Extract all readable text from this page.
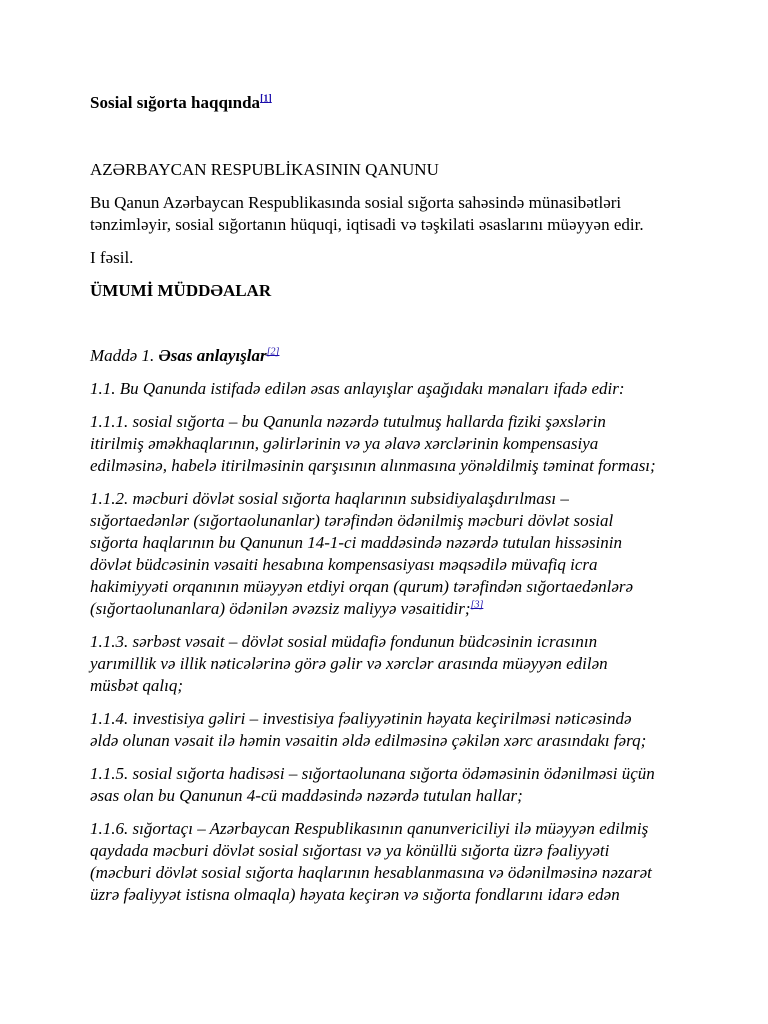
Sosial sığorta haqqında[1]
AZƏRBAYCAN RESPUBLİKASININ QANUNU
Bu Qanun Azərbaycan Respublikasında sosial sığorta sahəsində münasibətləri
tənzimləyir, sosial sığortanın hüquqi, iqtisadi və təşkilati əsaslarını müəyyən edir.
I fəsil.
ÜMUMİ MÜDDƏALAR
Maddə 1. Əsas anlayışlar[2]
1.1. Bu Qanunda istifadə edilən əsas anlayışlar aşağıdakı mənaları ifadə edir:
1.1.1. sosial sığorta – bu Qanunla nəzərdə tutulmuş hallarda fiziki şəxslərin
itirilmiş əməkhaqlarının, gəlirlərinin və ya əlavə xərclərinin kompensasiya
edilməsinə, habelə itirilməsinin qarşısının alınmasına yönəldilmiş təminat forması;
1.1.2. məcburi dövlət sosial sığorta haqlarının subsidiyalaşdırılması –
sığortaedənlər (sığortaolunanlar) tərəfindən ödənilmiş məcburi dövlət sosial
sığorta haqlarının bu Qanunun 14-1-ci maddəsində nəzərdə tutulan hissəsinin
dövlət büdcəsinin vəsaiti hesabına kompensasiyası məqsədilə müvafiq icra
hakimiyyəti orqanının müəyyən etdiyi orqan (qurum) tərəfindən sığortaedənlərə
(sığortaolunanlara) ödənilən əvəzsiz maliyyə vəsaitidir;[3]
1.1.3. sərbəst vəsait – dövlət sosial müdafiə fondunun büdcəsinin icrasının
yarımillik və illik nəticələrinə görə gəlir və xərclər arasında müəyyən edilən
müsbət qalıq;
1.1.4. investisiya gəliri – investisiya fəaliyyətinin həyata keçirilməsi nəticəsində
əldə olunan vəsait ilə həmin vəsaitin əldə edilməsinə çəkilən xərc arasındakı fərq;
1.1.5. sosial sığorta hadisəsi – sığortaolunana sığorta ödəməsinin ödənilməsi üçün
əsas olan bu Qanunun 4-cü maddəsində nəzərdə tutulan hallar;
1.1.6. sığortaçı – Azərbaycan Respublikasının qanunvericiliyi ilə müəyyən edilmiş
qaydada məcburi dövlət sosial sığortası və ya könüllü sığorta üzrə fəaliyyəti
(məcburi dövlət sosial sığorta haqlarının hesablanmasına və ödənilməsinə nəzarət
üzrə fəaliyyət istisna olmaqla) həyata keçirən və sığorta fondlarını idarə edən
